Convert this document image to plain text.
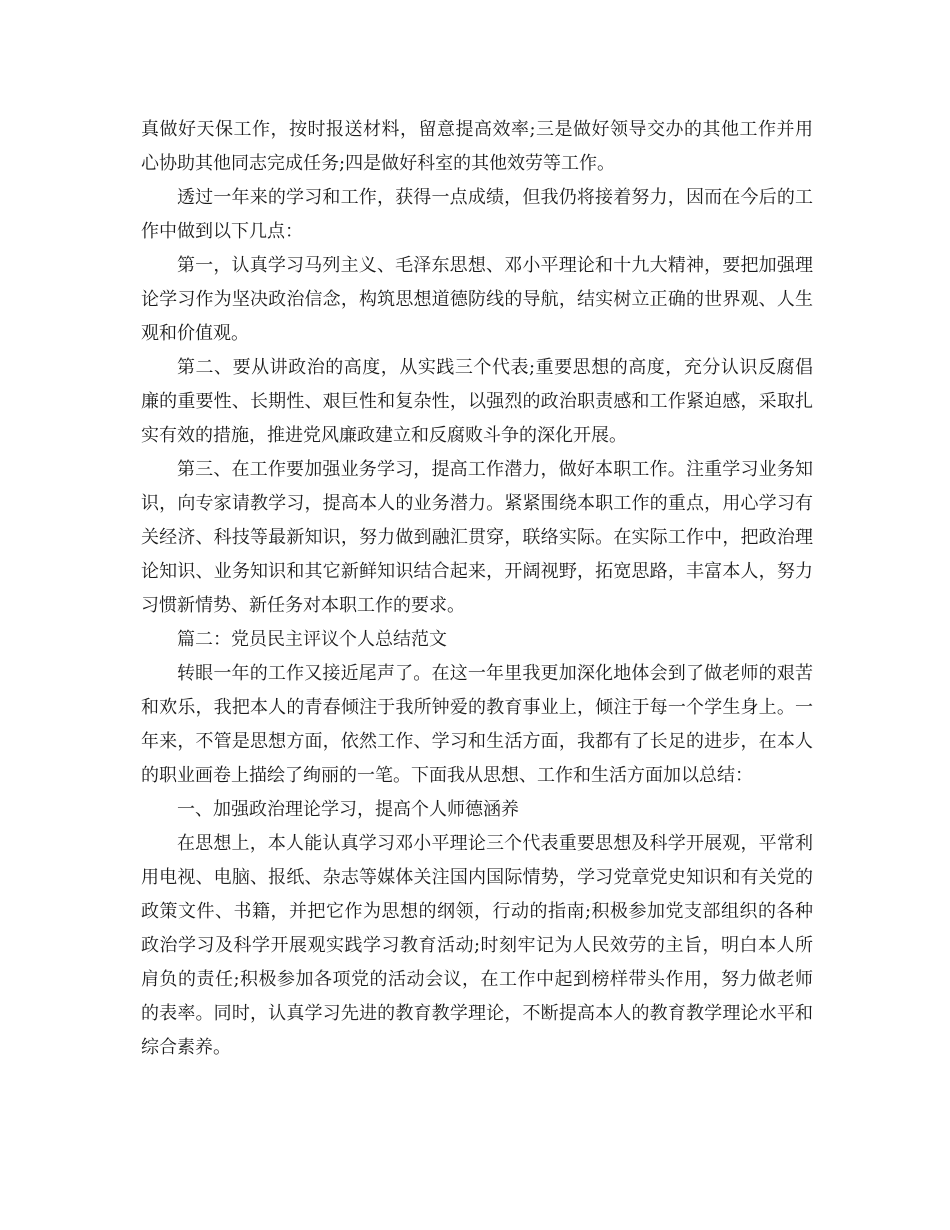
真做好天保工作，按时报送材料，留意提高效率;三是做好领导交办的其他工作并用心协助其他同志完成任务;四是做好科室的其他效劳等工作。

透过一年来的学习和工作，获得一点成绩，但我仍将接着努力，因而在今后的工作中做到以下几点：

第一，认真学习马列主义、毛泽东思想、邓小平理论和十九大精神，要把加强理论学习作为坚决政治信念，构筑思想道德防线的导航，结实树立正确的世界观、人生观和价值观。

第二、要从讲政治的高度，从实践三个代表;重要思想的高度，充分认识反腐倡廉的重要性、长期性、艰巨性和复杂性，以强烈的政治职责感和工作紧迫感，采取扎实有效的措施，推进党风廉政建立和反腐败斗争的深化开展。

第三、在工作要加强业务学习，提高工作潜力，做好本职工作。注重学习业务知识，向专家请教学习，提高本人的业务潜力。紧紧围绕本职工作的重点，用心学习有关经济、科技等最新知识，努力做到融汇贯穿，联络实际。在实际工作中，把政治理论知识、业务知识和其它新鲜知识结合起来，开阔视野，拓宽思路，丰富本人，努力习惯新情势、新任务对本职工作的要求。

篇二：党员民主评议个人总结范文

转眼一年的工作又接近尾声了。在这一年里我更加深化地体会到了做老师的艰苦和欢乐，我把本人的青春倾注于我所钟爱的教育事业上，倾注于每一个学生身上。一年来，不管是思想方面，依然工作、学习和生活方面，我都有了长足的进步，在本人的职业画卷上描绘了绚丽的一笔。下面我从思想、工作和生活方面加以总结：

一、加强政治理论学习，提高个人师德涵养

在思想上，本人能认真学习邓小平理论三个代表重要思想及科学开展观，平常利用电视、电脑、报纸、杂志等媒体关注国内国际情势，学习党章党史知识和有关党的政策文件、书籍，并把它作为思想的纲领，行动的指南;积极参加党支部组织的各种政治学习及科学开展观实践学习教育活动;时刻牢记为人民效劳的主旨，明白本人所肩负的责任;积极参加各项党的活动会议，在工作中起到榜样带头作用，努力做老师的表率。同时，认真学习先进的教育教学理论，不断提高本人的教育教学理论水平和综合素养。
